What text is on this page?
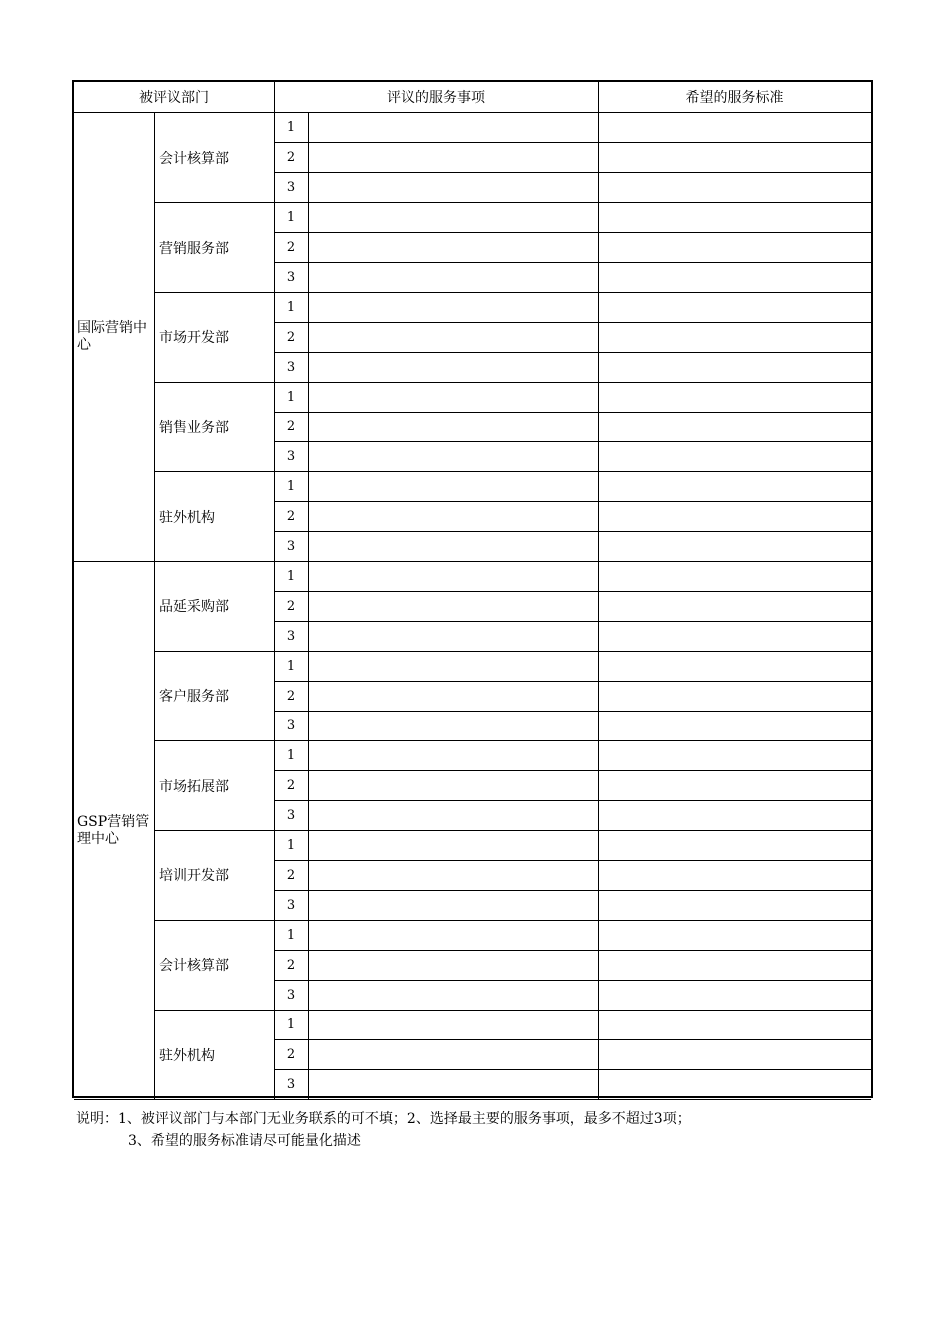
被评议部门	评议的服务事项	希望的服务标准
国际营销中心
会计核算部
1
2
3
营销服务部
1
2
3
市场开发部
1
2
3
销售业务部
1
2
3
驻外机构
1
2
3
GSP营销管理中心
品延采购部
1
2
3
客户服务部
1
2
3
市场拓展部
1
2
3
培训开发部
1
2
3
会计核算部
1
2
3
驻外机构
1
2
3
说明：1、被评议部门与本部门无业务联系的可不填；2、选择最主要的服务事项，最多不超过3项；
3、希望的服务标准请尽可能量化描述
